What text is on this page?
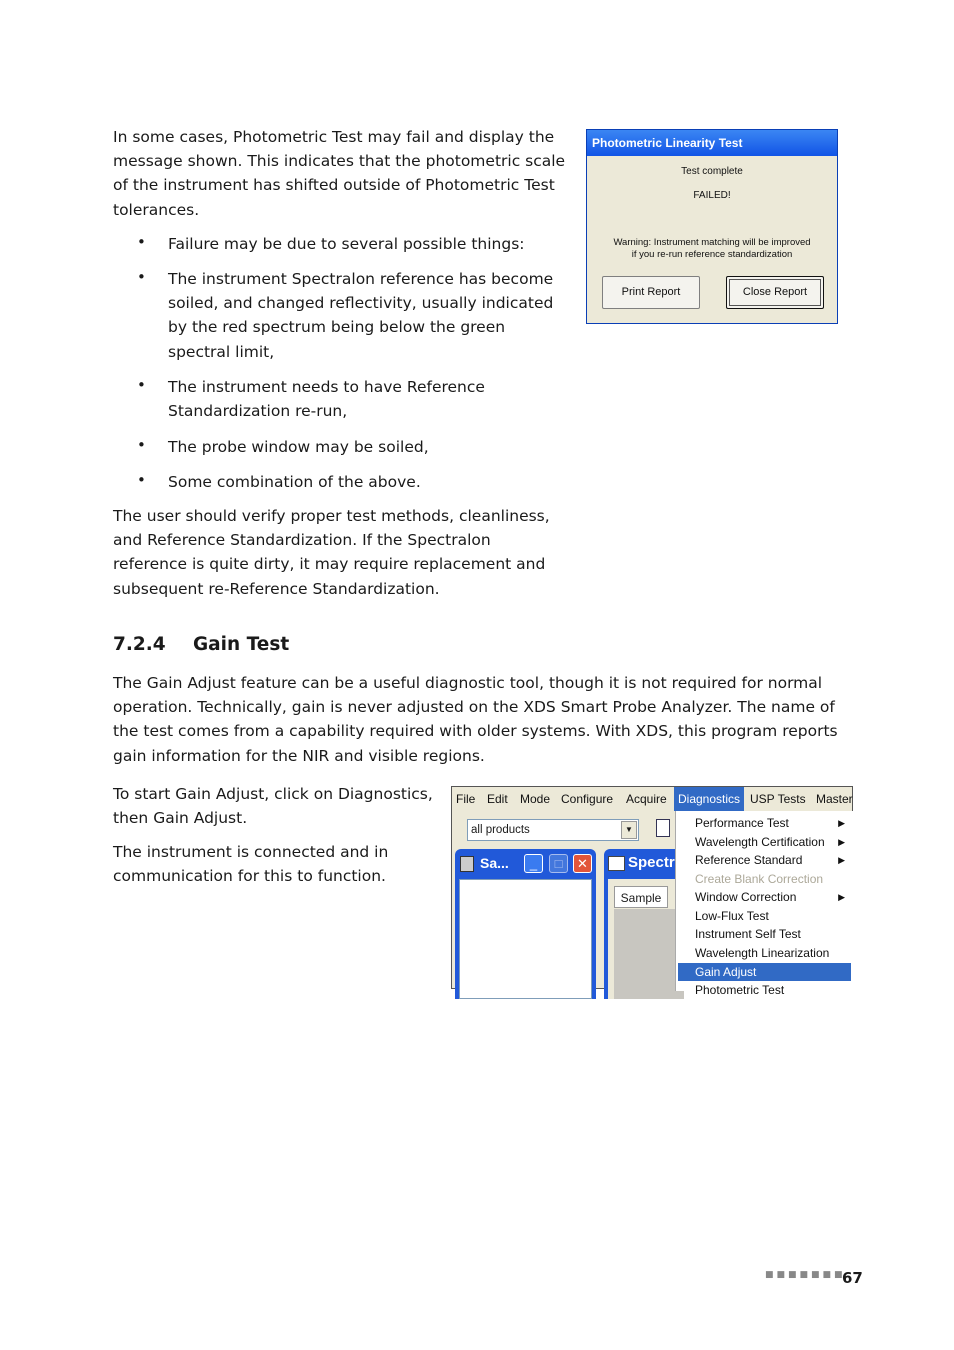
In some cases, Photometric Test may fail and display the message shown. This indicates that the photometric scale of the instrument has shifted outside of Photometric Test tolerances.

• Failure may be due to several possible things:

• The instrument Spectralon reference has become soiled, and changed reflectivity, usually indicated by the red spectrum being below the green spectral limit,

• The instrument needs to have Reference Standardization re-run,

• The probe window may be soiled,

• Some combination of the above.

The user should verify proper test methods, cleanliness, and Reference Standardization. If the Spectralon reference is quite dirty, it may require replacement and subsequent re-Reference Standardization.

Photometric Linearity Test
Test complete
FAILED!
Warning: Instrument matching will be improved
if you re-run reference standardization
Print Report	Close Report
7.2.4 Gain Test

The Gain Adjust feature can be a useful diagnostic tool, though it is not required for normal operation. Technically, gain is never adjusted on the XDS Smart Probe Analyzer. The name of the test comes from a capability required with older systems. With XDS, this program reports gain information for the NIR and visible regions.

To start Gain Adjust, click on Diagnostics, then Gain Adjust.

The instrument is connected and in communication for this to function.

File Edit Mode Configure Acquire Diagnostics USP Tests Master
all products	▼
Sa...	_	□	✕	Spectr
Sample
Performance Test	▶
Wavelength Certification ▶
Reference Standard	▶
Create Blank Correction
Window Correction	▶
Low-Flux Test
Instrument Self Test
Wavelength Linearization
Gain Adjust
Photometric Test
■■■■■■■
67
